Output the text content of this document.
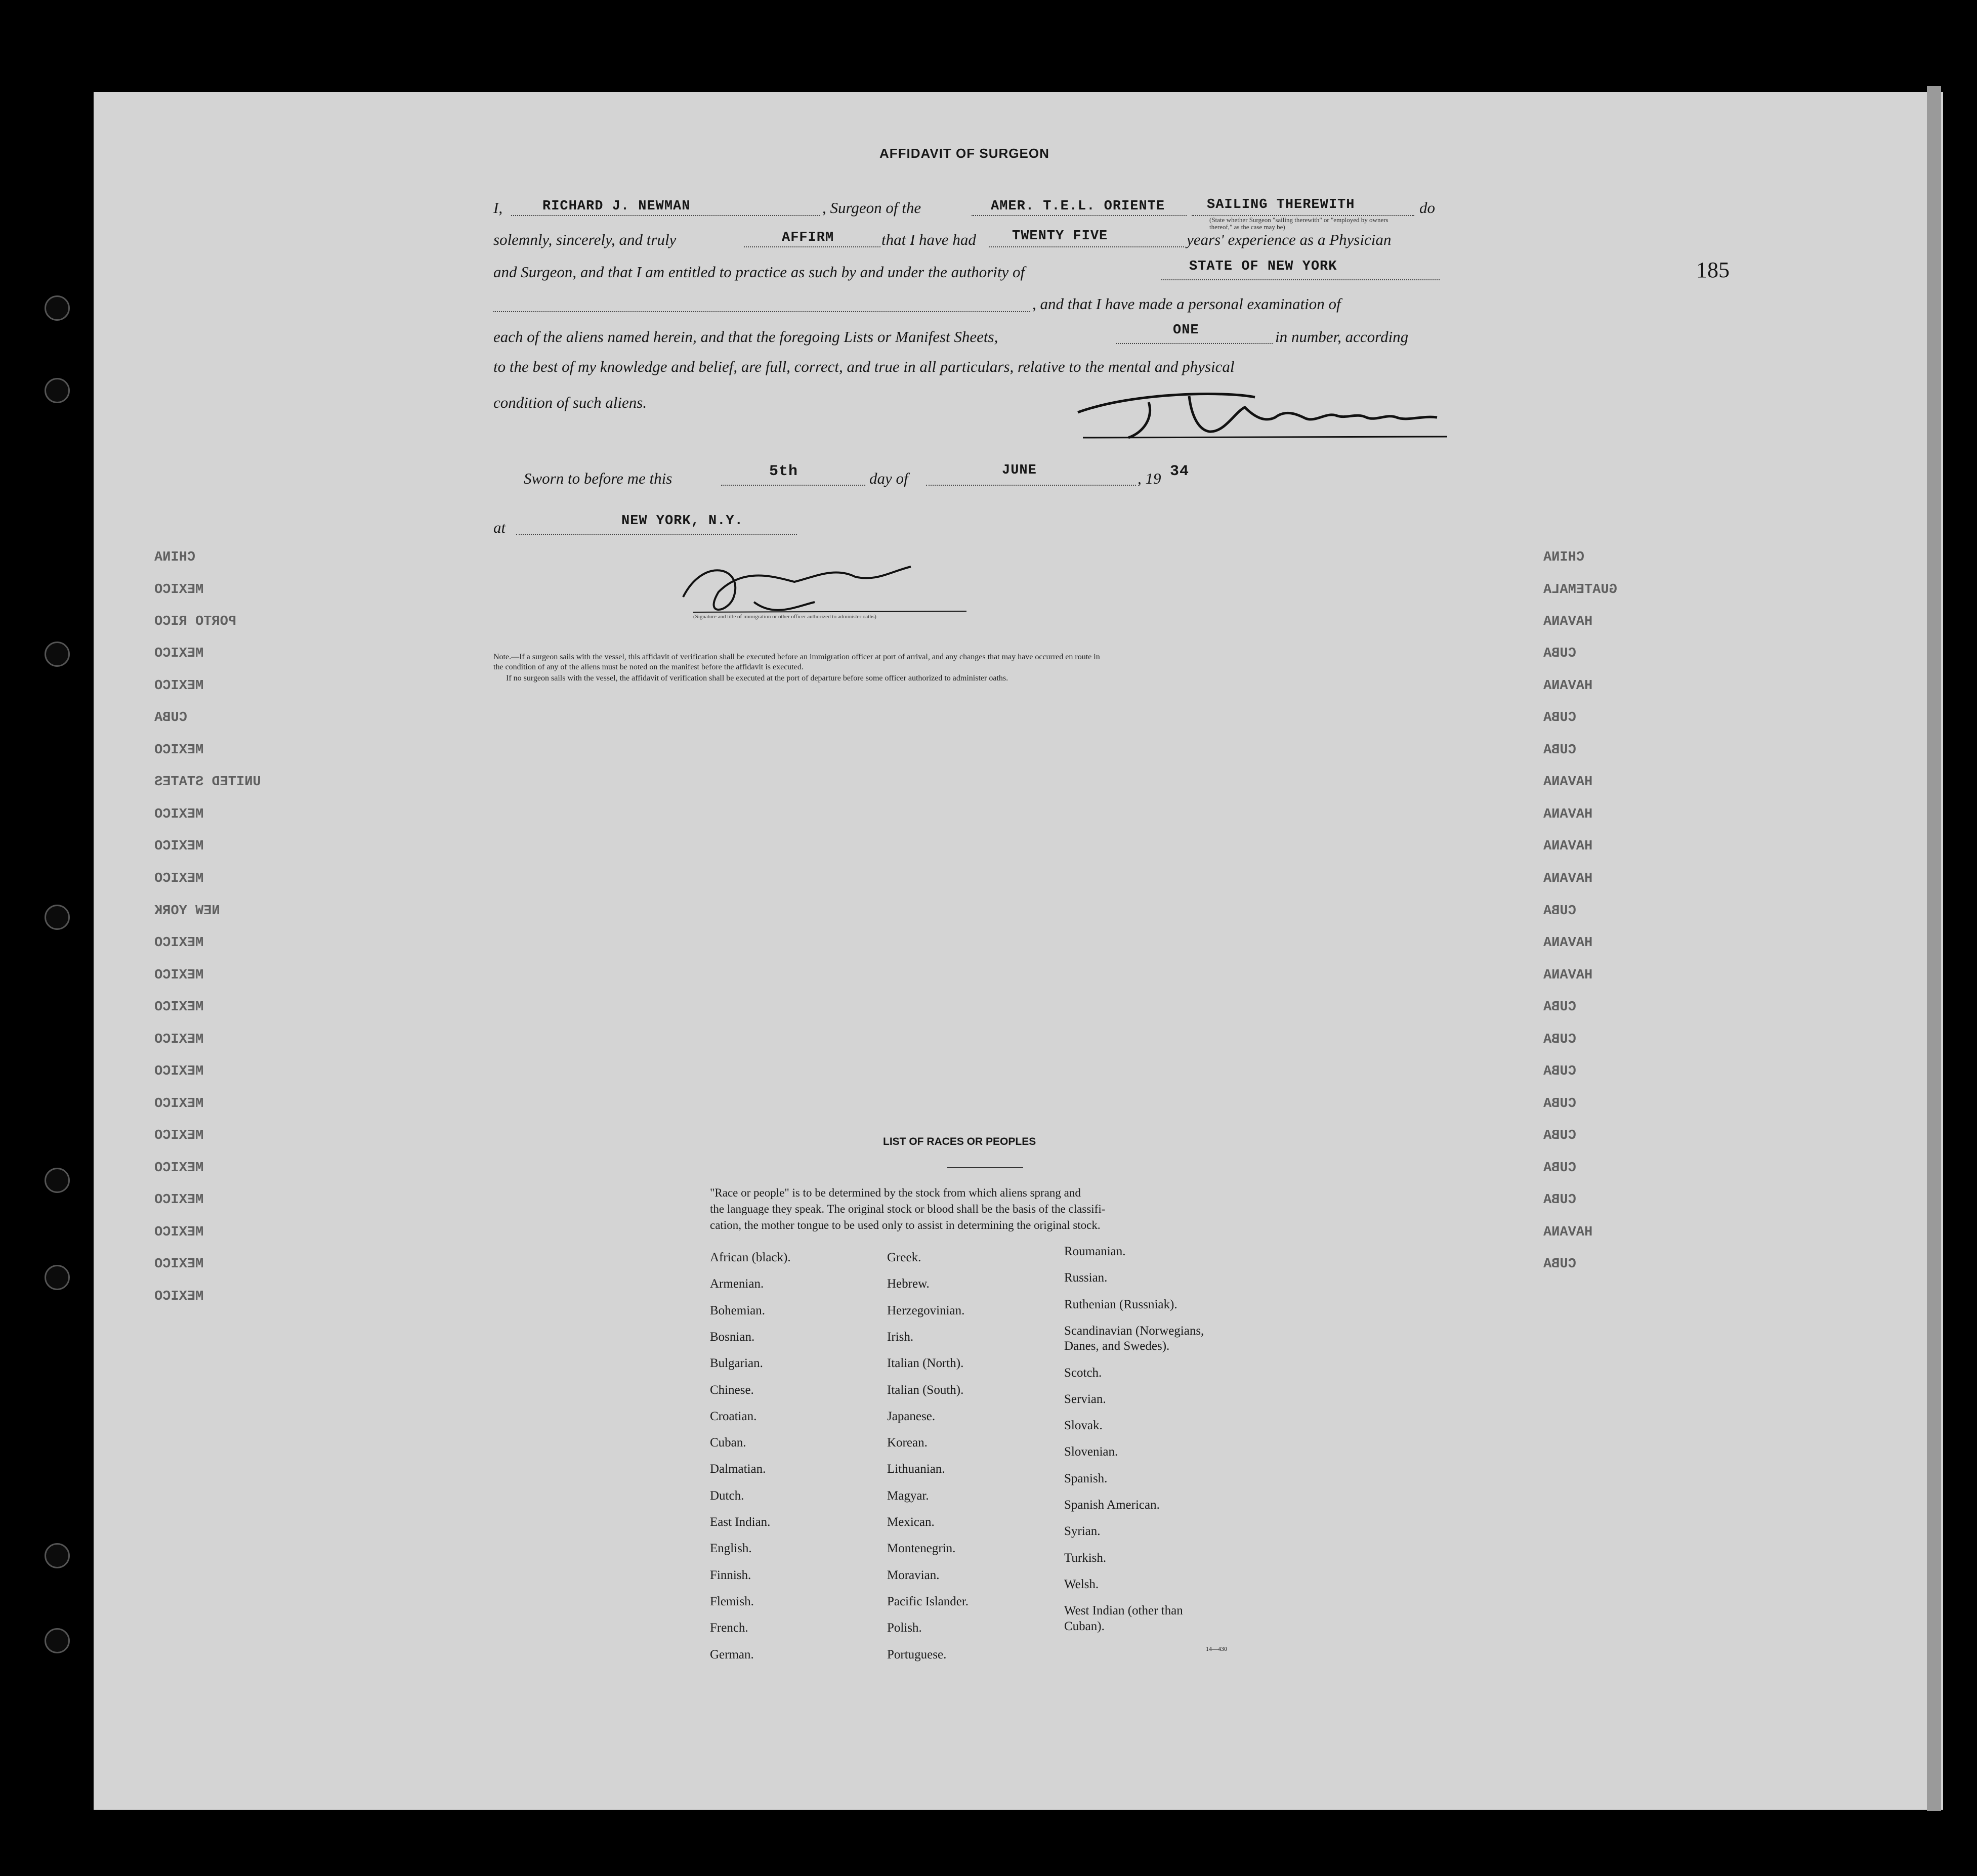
185
AFFIDAVIT OF SURGEON
I,	RICHARD J. NEWMAN	, Surgeon of the	AMER. T.E.L. ORIENTE	SAILING THEREWITH
(State whether Surgeon "sailing therewith" or "employed by owners thereof," as the case may be)
do
solemnly, sincerely, and truly	AFFIRM	that I have had	TWENTY FIVE	years' experience as a Physician
and Surgeon, and that I am entitled to practice as such by and under the authority of	STATE OF NEW YORK
, and that I have made a personal examination of
each of the aliens named herein, and that the foregoing Lists or Manifest Sheets,	ONE	in number, according
to the best of my knowledge and belief, are full, correct, and true in all particulars, relative to the mental and physical
condition of such aliens.
Sworn to before me this	5th	day of	JUNE	, 19 34
at	NEW YORK, N.Y.
(Signature and title of immigration or other officer authorized to administer oaths)
Note.—If a surgeon sails with the vessel, this affidavit of verification shall be executed before an immigration officer at port of arrival, and any changes that may have occurred en route in
the condition of any of the aliens must be noted on the manifest before the affidavit is executed.
If no surgeon sails with the vessel, the affidavit of verification shall be executed at the port of departure before some officer authorized to administer oaths.
CHINA
MEXICO
PORTO RICO
MEXICO
MEXICO
CUBA
MEXICO
UNITED STATES
MEXICO
MEXICO
MEXICO
NEW YORK
MEXICO
MEXICO
MEXICO
MEXICO
MEXICO
MEXICO
MEXICO
MEXICO
MEXICO
MEXICO
MEXICO
MEXICO
CHINA
GUATEMALA
HAVANA
CUBA
HAVANA
CUBA
CUBA
HAVANA
HAVANA
HAVANA
HAVANA
CUBA
HAVANA
HAVANA
CUBA
CUBA
CUBA
CUBA
CUBA
CUBA
CUBA
HAVANA
CUBA
LIST OF RACES OR PEOPLES
"Race or people" is to be determined by the stock from which aliens sprang and
the language they speak. The original stock or blood shall be the basis of the classifi-
cation, the mother tongue to be used only to assist in determining the original stock.
African (black).
Armenian.
Bohemian.
Bosnian.
Bulgarian.
Chinese.
Croatian.
Cuban.
Dalmatian.
Dutch.
East Indian.
English.
Finnish.
Flemish.
French.
German.
Greek.
Hebrew.
Herzegovinian.
Irish.
Italian (North).
Italian (South).
Japanese.
Korean.
Lithuanian.
Magyar.
Mexican.
Montenegrin.
Moravian.
Pacific Islander.
Polish.
Portuguese.
Roumanian.
Russian.
Ruthenian (Russniak).
Scandinavian (Norwegians,
Danes, and Swedes).
Scotch.
Servian.
Slovak.
Slovenian.
Spanish.
Spanish American.
Syrian.
Turkish.
Welsh.
West Indian (other than
Cuban).
14—430
